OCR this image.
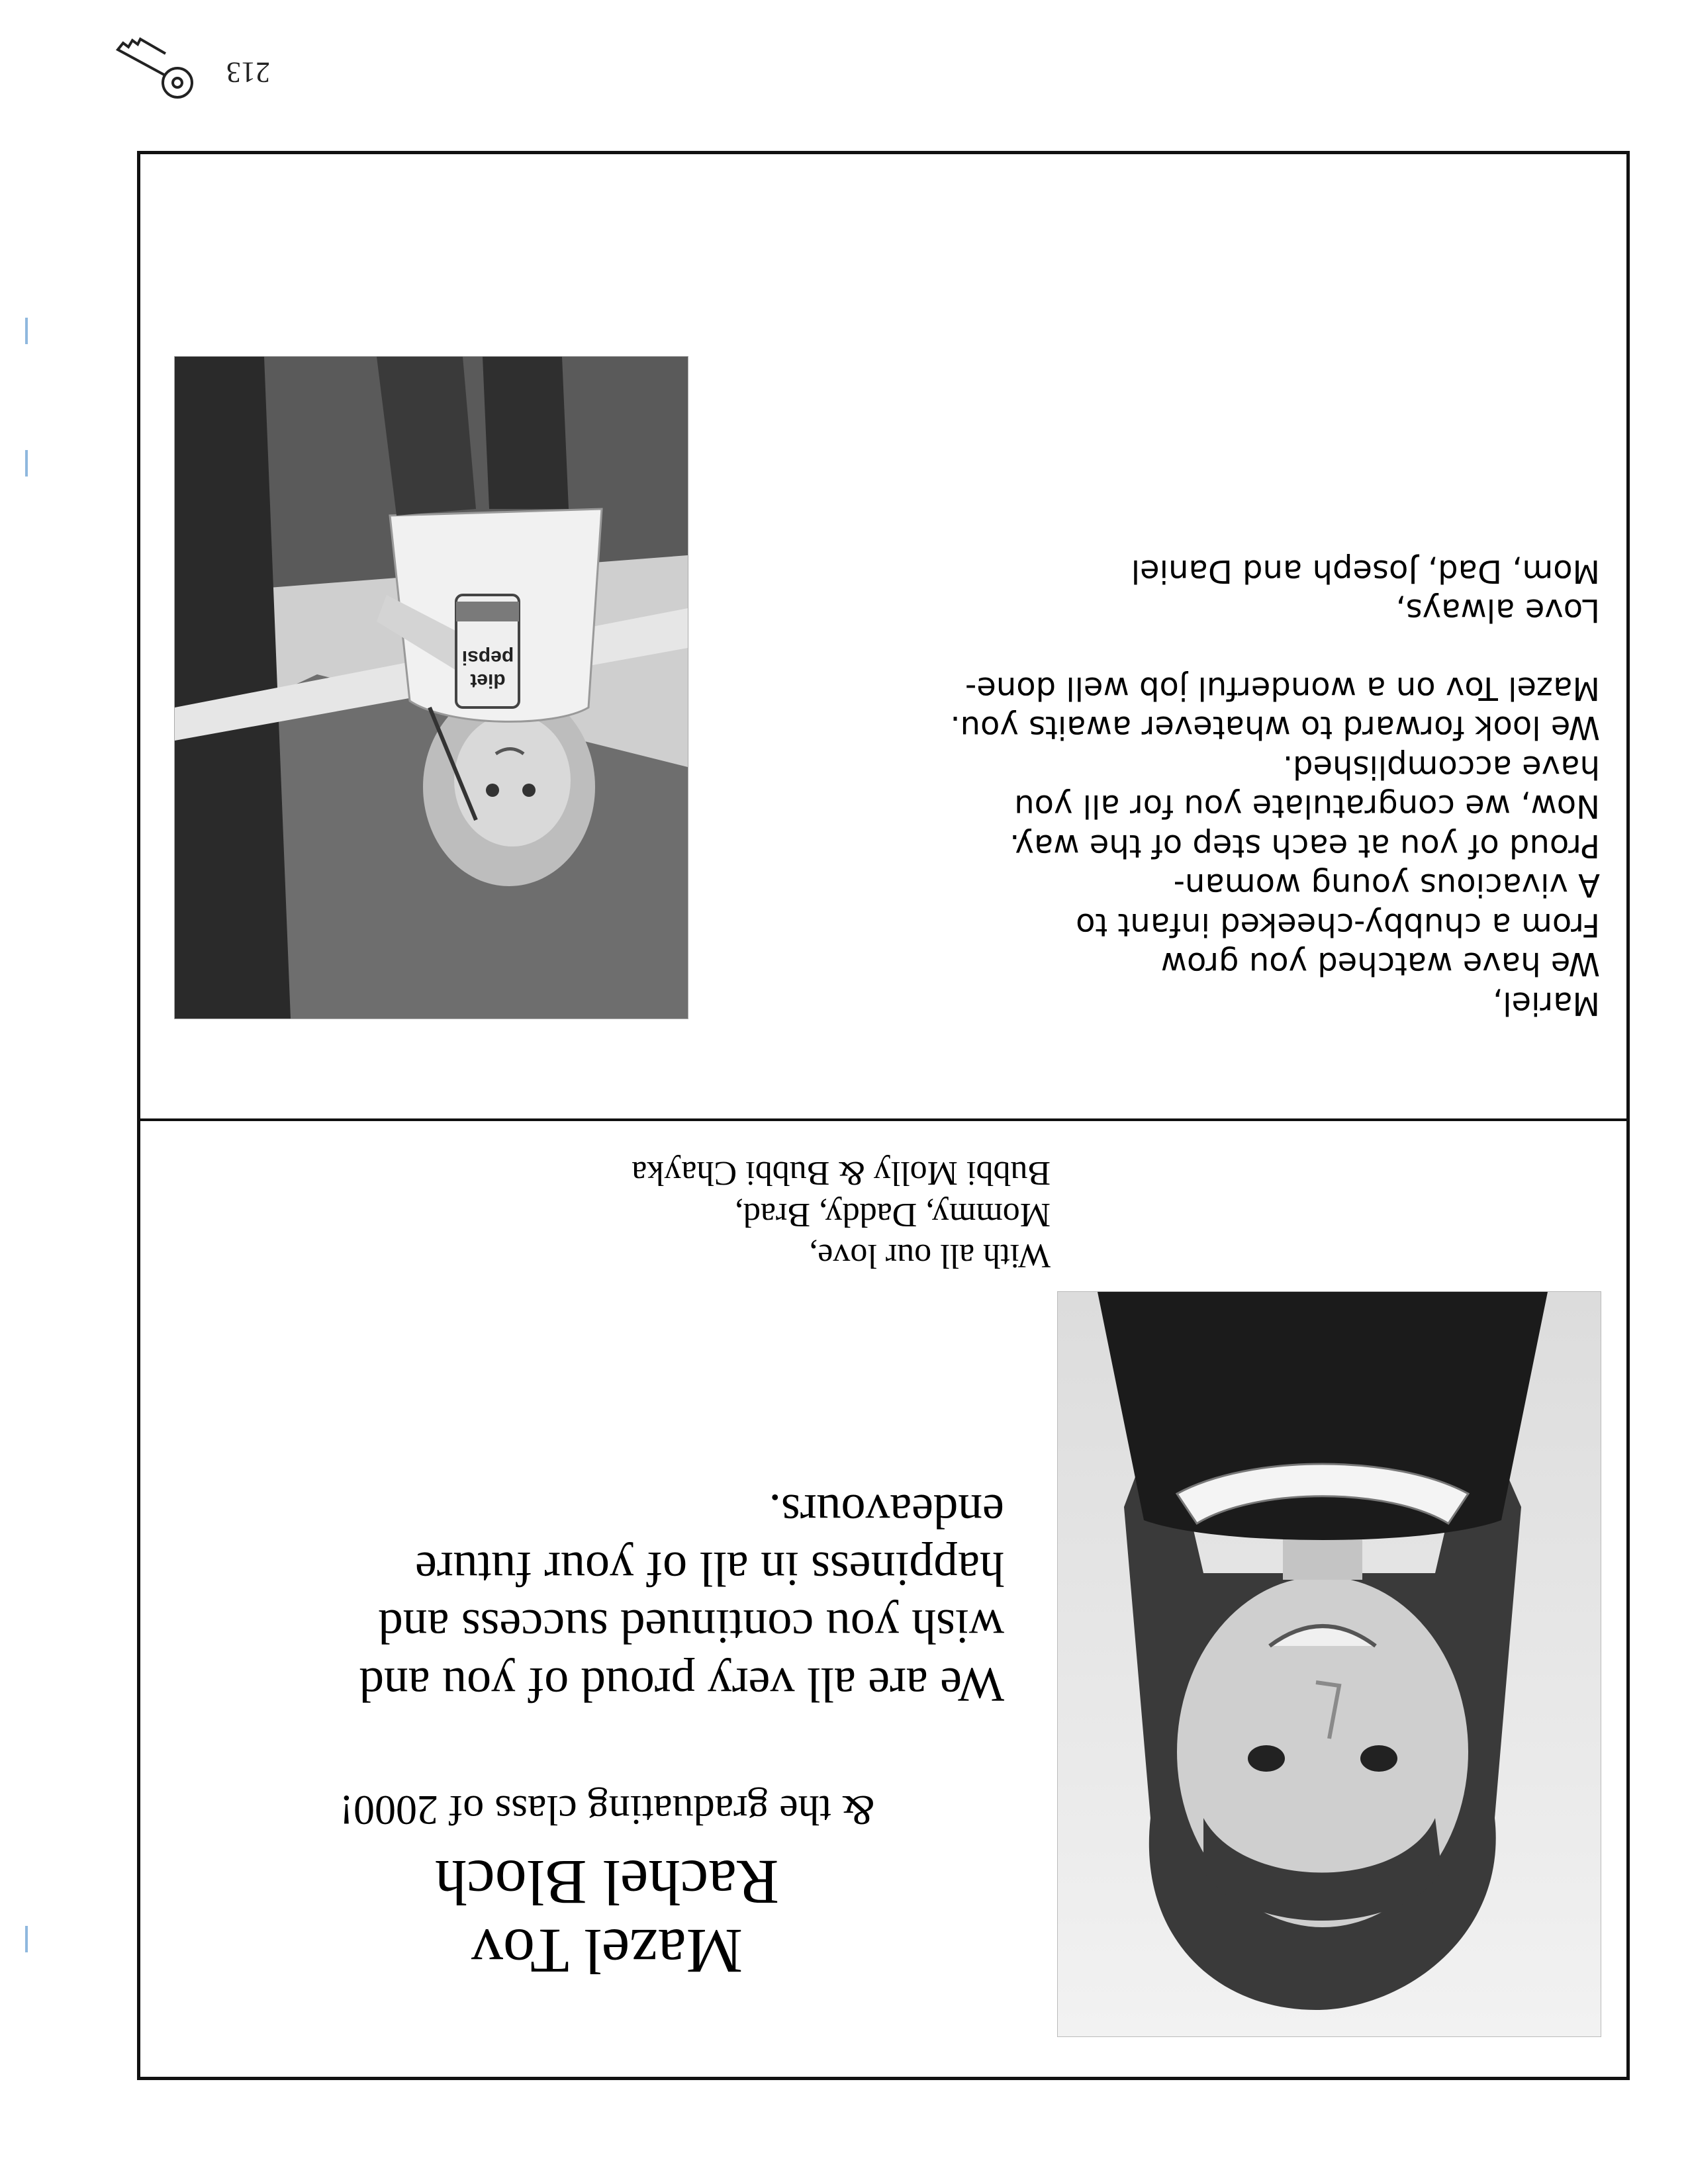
Mazel Tov
Rachel Bloch
& the graduating class of 2000!
We are all very proud of you and
wish you continued success and
happiness in all of your future
endeavours.
With all our love,
Mommy, Daddy, Brad,
Bubbi Molly & Bubbi Chayka
Mariel,
We have watched you grow
From a chubby-cheeked infant to
A vivacious young woman-
Proud of you at each step of the way.
Now, we congratulate you for all you
have accomplished.
We look forward to whatever awaits you.
Mazel Tov on a wonderful job well done-
Love always,
Mom, Dad, Joseph and Daniel
diet
pepsi
213
